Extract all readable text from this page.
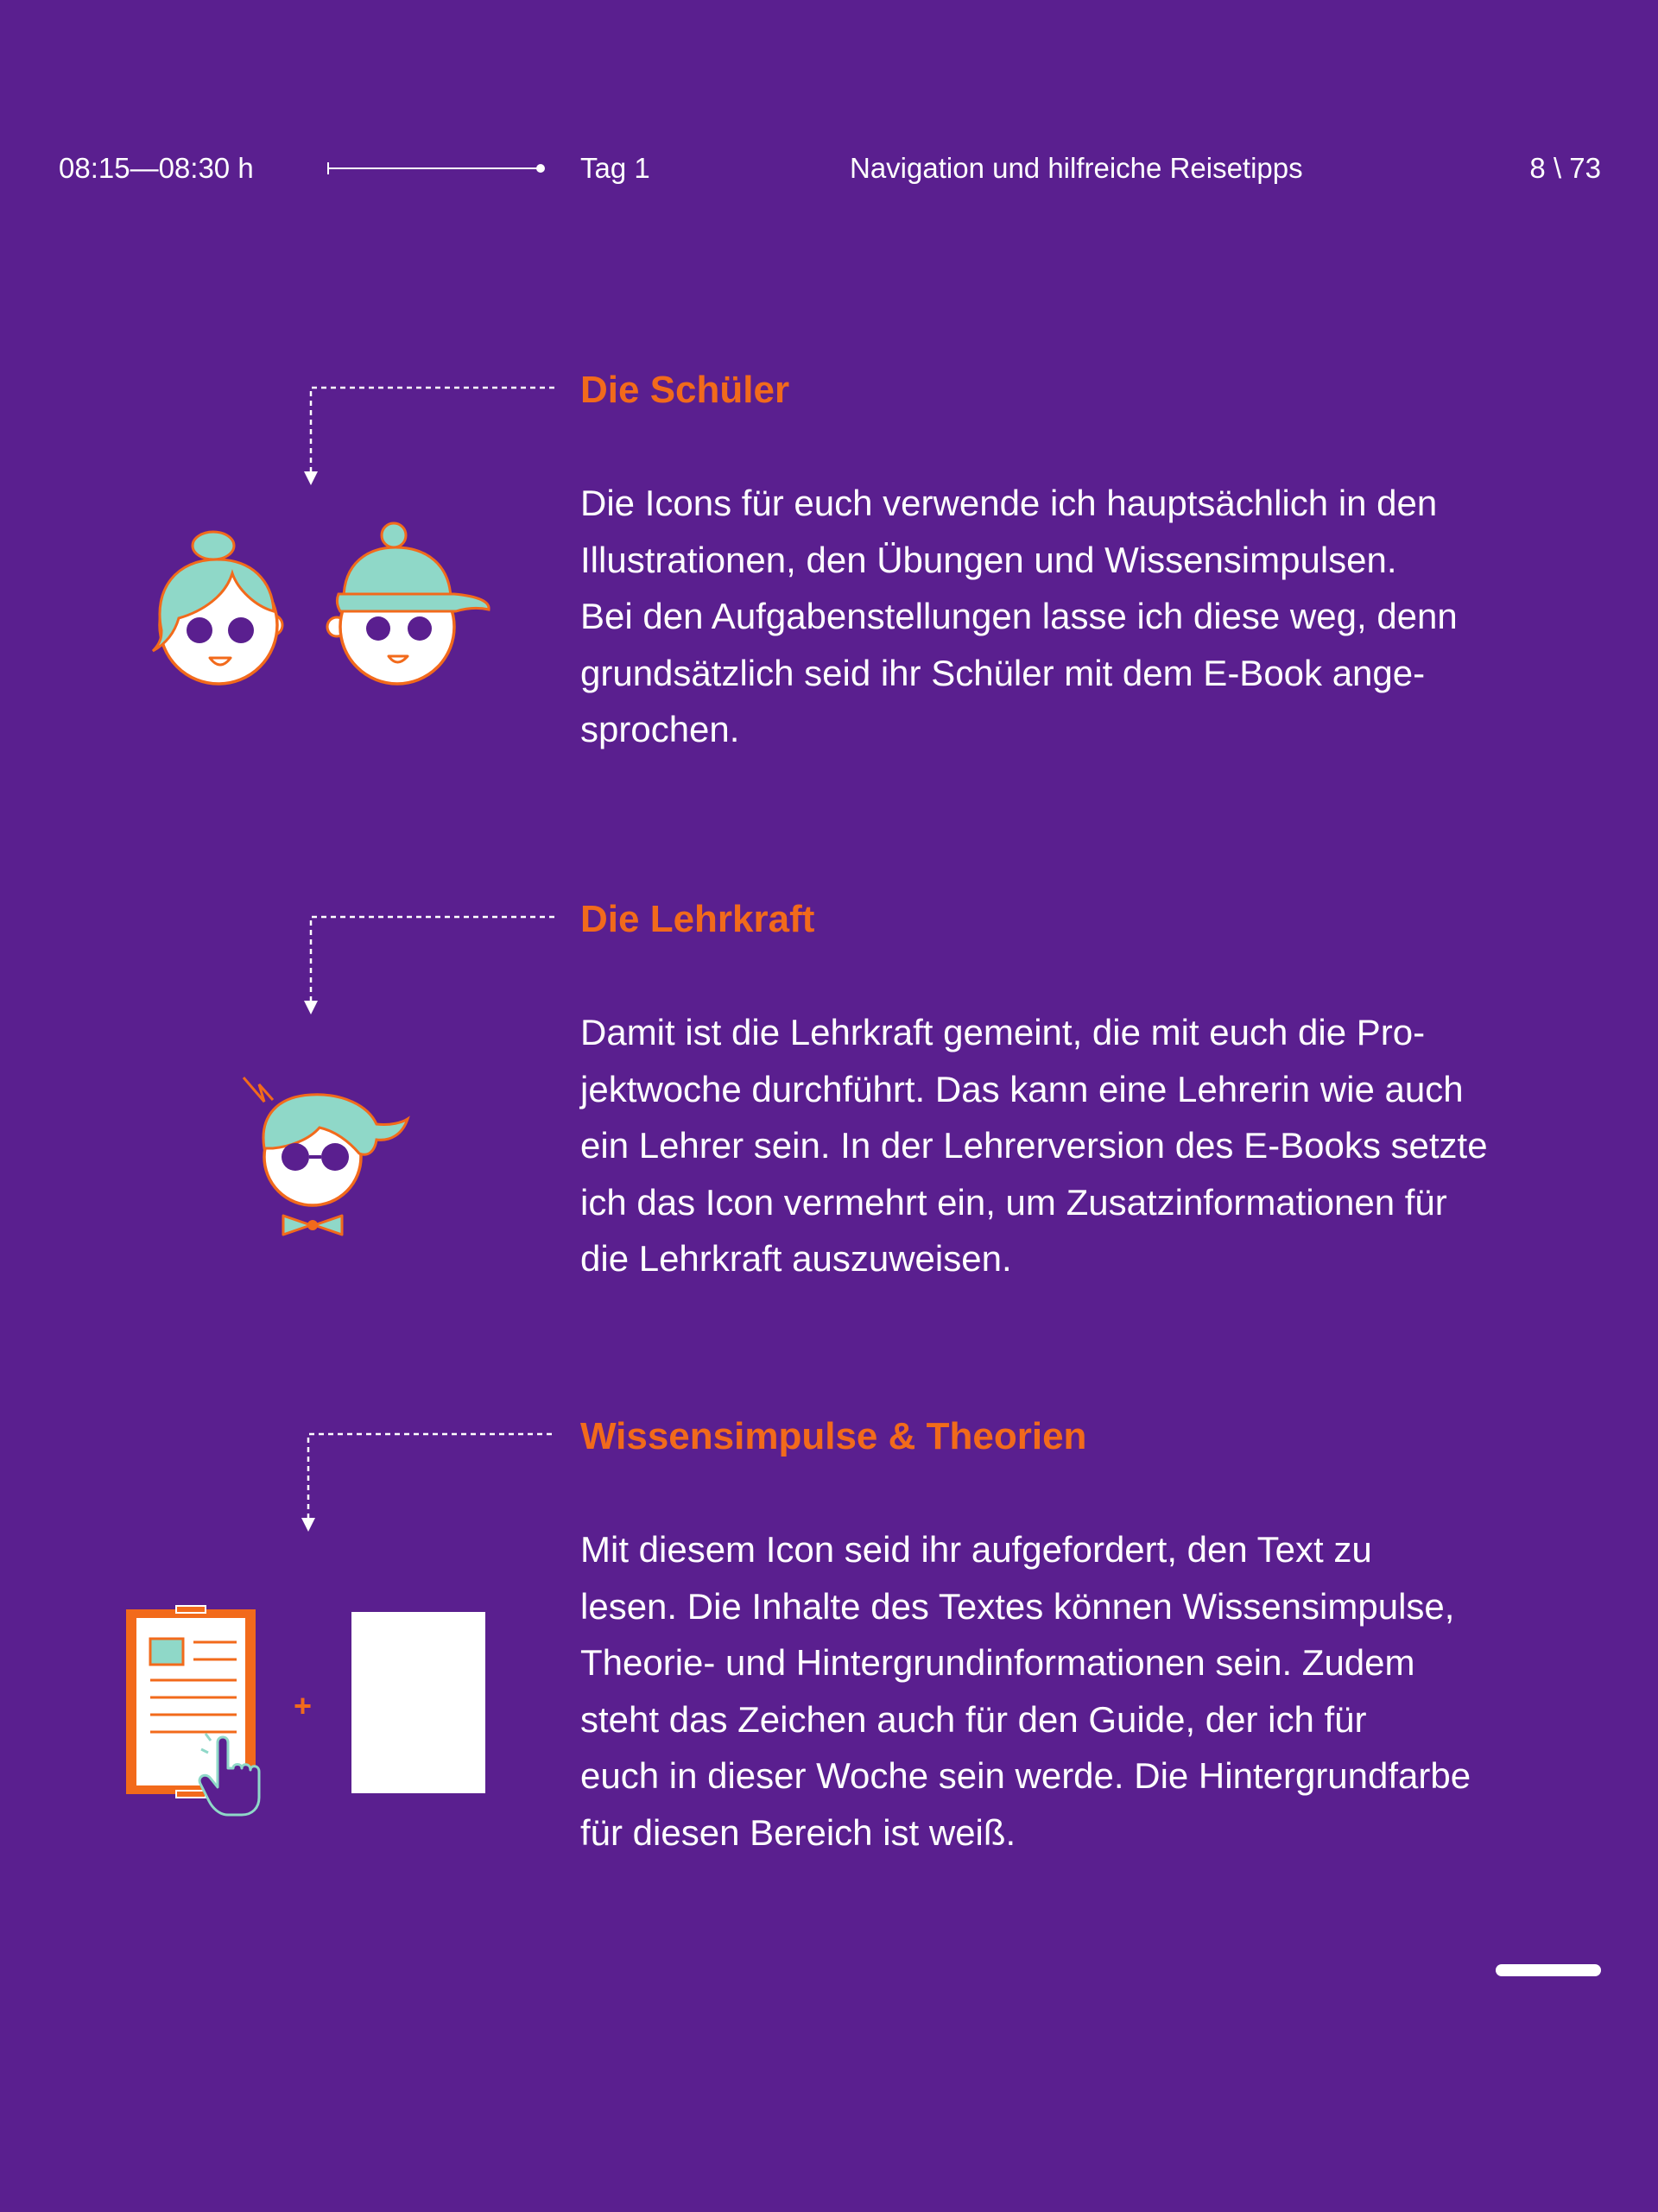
08:15—08:30 h	Tag 1	Navigation und hilfreiche Reisetipps	8 \ 73
Die Schüler
Die Icons für euch verwende ich hauptsächlich in den
Illustrationen, den Übungen und Wissensimpulsen.
Bei den Aufgabenstellungen lasse ich diese weg, denn
grundsätzlich seid ihr Schüler mit dem E-Book ange-
sprochen.
Die Lehrkraft
Damit ist die Lehrkraft gemeint, die mit euch die Pro-
jektwoche durchführt. Das kann eine Lehrerin wie auch
ein Lehrer sein. In der Lehrerversion des E-Books setzte
ich das Icon vermehrt ein, um Zusatzinformationen für
die Lehrkraft auszuweisen.
Wissensimpulse & Theorien
Mit diesem Icon seid ihr aufgefordert, den Text zu
lesen. Die Inhalte des Textes können Wissensimpulse,
Theorie- und Hintergrundinformationen sein. Zudem
steht das Zeichen auch für den Guide, der ich für
euch in dieser Woche sein werde. Die Hintergrundfarbe
für diesen Bereich ist weiß.
+
